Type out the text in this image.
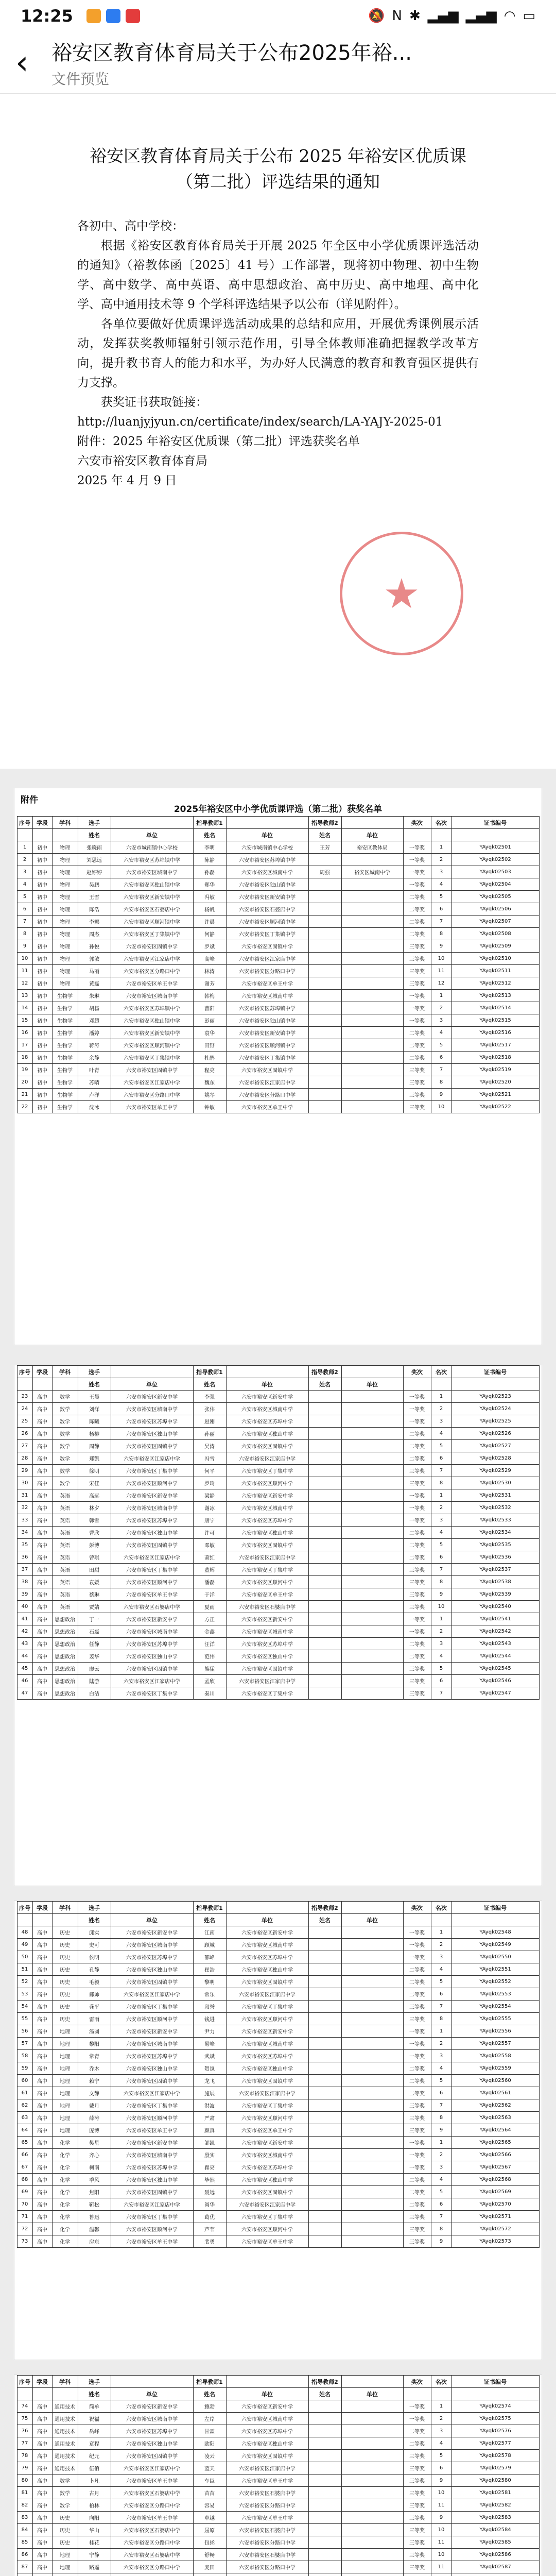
12:25	🔕 N ✱ ▂▄▆ ▂▄▆ ◠ ▭
‹	裕安区教育体育局关于公布2025年裕...
文件预览
裕安区教育体育局关于公布 2025 年裕安区优质课（第二批）评选结果的通知

各初中、高中学校：

根据《裕安区教育体育局关于开展 2025 年全区中小学优质课评选活动的通知》（裕教体函〔2025〕41 号）工作部署，现将初中物理、初中生物学、高中数学、高中英语、高中思想政治、高中历史、高中地理、高中化学、高中通用技术等 9 个学科评选结果予以公布（详见附件）。

各单位要做好优质课评选活动成果的总结和应用，开展优秀课例展示活动，发挥获奖教师辐射引领示范作用，引导全体教师准确把握教学改革方向，提升教书育人的能力和水平，为办好人民满意的教育和教育强区提供有力支撑。

获奖证书获取链接：

http://luanjyjyun.cn/certificate/index/search/LA-YAJY-2025-01

附件：2025 年裕安区优质课（第二批）评选获奖名单

六安市裕安区教育体育局

2025 年 4 月 9 日

★
附件
2025年裕安区中小学优质课评选（第二批）获奖名单
序号	学段	学科	选手		指导教师1		指导教师2		奖次	名次	证书编号
			姓名	单位	姓名	单位	姓名	单位			
1	初中	物理	张晓雨	六安市城南镇中心学校	李明	六安市城南镇中心学校	王芳	裕安区教体局	一等奖	1	YAyqk02501
2	初中	物理	刘思远	六安市裕安区苏埠镇中学	陈静	六安市裕安区苏埠镇中学			一等奖	2	YAyqk02502
3	初中	物理	赵婷婷	六安市裕安区城南中学	孙磊	六安市裕安区城南中学	周强	裕安区城南中学	一等奖	3	YAyqk02503
4	初中	物理	吴鹏	六安市裕安区独山镇中学	郑华	六安市裕安区独山镇中学			一等奖	4	YAyqk02504
5	初中	物理	王雪	六安市裕安区新安镇中学	冯敏	六安市裕安区新安镇中学			二等奖	5	YAyqk02505
6	初中	物理	陈浩	六安市裕安区石婆店中学	杨帆	六安市裕安区石婆店中学			二等奖	6	YAyqk02506
7	初中	物理	李娜	六安市裕安区顺河镇中学	许晨	六安市裕安区顺河镇中学			二等奖	7	YAyqk02507
8	初中	物理	周杰	六安市裕安区丁集镇中学	何静	六安市裕安区丁集镇中学			二等奖	8	YAyqk02508
9	初中	物理	孙悦	六安市裕安区固镇中学	罗斌	六安市裕安区固镇中学			三等奖	9	YAyqk02509
10	初中	物理	郭敏	六安市裕安区江家店中学	高峰	六安市裕安区江家店中学			三等奖	10	YAyqk02510
11	初中	物理	马丽	六安市裕安区分路口中学	林涛	六安市裕安区分路口中学			三等奖	11	YAyqk02511
12	初中	物理	黄磊	六安市裕安区单王中学	谢芳	六安市裕安区单王中学			三等奖	12	YAyqk02512
13	初中	生物学	朱琳	六安市裕安区城南中学	韩梅	六安市裕安区城南中学			一等奖	1	YAyqk02513
14	初中	生物学	胡杨	六安市裕安区苏埠镇中学	曹阳	六安市裕安区苏埠镇中学			一等奖	2	YAyqk02514
15	初中	生物学	邓超	六安市裕安区独山镇中学	彭丽	六安市裕安区独山镇中学			一等奖	3	YAyqk02515
16	初中	生物学	潘婷	六安市裕安区新安镇中学	袁华	六安市裕安区新安镇中学			二等奖	4	YAyqk02516
17	初中	生物学	蒋涛	六安市裕安区顺河镇中学	田野	六安市裕安区顺河镇中学			二等奖	5	YAyqk02517
18	初中	生物学	余静	六安市裕安区丁集镇中学	杜鹃	六安市裕安区丁集镇中学			二等奖	6	YAyqk02518
19	初中	生物学	叶青	六安市裕安区固镇中学	程亮	六安市裕安区固镇中学			三等奖	7	YAyqk02519
20	初中	生物学	苏晴	六安市裕安区江家店中学	魏东	六安市裕安区江家店中学			三等奖	8	YAyqk02520
21	初中	生物学	卢洋	六安市裕安区分路口中学	姚琴	六安市裕安区分路口中学			三等奖	9	YAyqk02521
22	初中	生物学	沈冰	六安市裕安区单王中学	钟敏	六安市裕安区单王中学			三等奖	10	YAyqk02522
序号	学段	学科	选手		指导教师1		指导教师2		奖次	名次	证书编号
			姓名	单位	姓名	单位	姓名	单位			
23	高中	数学	王晨	六安市裕安区新安中学	李强	六安市裕安区新安中学			一等奖	1	YAyqk02523
24	高中	数学	刘洋	六安市裕安区城南中学	张伟	六安市裕安区城南中学			一等奖	2	YAyqk02524
25	高中	数学	陈曦	六安市裕安区苏埠中学	赵刚	六安市裕安区苏埠中学			一等奖	3	YAyqk02525
26	高中	数学	杨柳	六安市裕安区独山中学	孙丽	六安市裕安区独山中学			二等奖	4	YAyqk02526
27	高中	数学	周静	六安市裕安区固镇中学	吴涛	六安市裕安区固镇中学			二等奖	5	YAyqk02527
28	高中	数学	郑凯	六安市裕安区江家店中学	冯雪	六安市裕安区江家店中学			二等奖	6	YAyqk02528
29	高中	数学	徐明	六安市裕安区丁集中学	何平	六安市裕安区丁集中学			三等奖	7	YAyqk02529
30	高中	数学	宋佳	六安市裕安区顺河中学	罗玲	六安市裕安区顺河中学			三等奖	8	YAyqk02530
31	高中	英语	高远	六安市裕安区新安中学	梁静	六安市裕安区新安中学			一等奖	1	YAyqk02531
32	高中	英语	林夕	六安市裕安区城南中学	谢冰	六安市裕安区城南中学			一等奖	2	YAyqk02532
33	高中	英语	韩雪	六安市裕安区苏埠中学	唐宁	六安市裕安区苏埠中学			一等奖	3	YAyqk02533
34	高中	英语	曹欣	六安市裕安区独山中学	许可	六安市裕安区独山中学			二等奖	4	YAyqk02534
35	高中	英语	彭博	六安市裕安区固镇中学	邓敏	六安市裕安区固镇中学			二等奖	5	YAyqk02535
36	高中	英语	曾琪	六安市裕安区江家店中学	萧红	六安市裕安区江家店中学			二等奖	6	YAyqk02536
37	高中	英语	田甜	六安市裕安区丁集中学	董辉	六安市裕安区丁集中学			三等奖	7	YAyqk02537
38	高中	英语	袁媛	六安市裕安区顺河中学	潘磊	六安市裕安区顺河中学			三等奖	8	YAyqk02538
39	高中	英语	蔡琳	六安市裕安区单王中学	于洋	六安市裕安区单王中学			三等奖	9	YAyqk02539
40	高中	英语	贾婧	六安市裕安区石婆店中学	夏雨	六安市裕安区石婆店中学			三等奖	10	YAyqk02540
41	高中	思想政治	丁一	六安市裕安区新安中学	方正	六安市裕安区新安中学			一等奖	1	YAyqk02541
42	高中	思想政治	石磊	六安市裕安区城南中学	金鑫	六安市裕安区城南中学			一等奖	2	YAyqk02542
43	高中	思想政治	任静	六安市裕安区苏埠中学	汪洋	六安市裕安区苏埠中学			二等奖	3	YAyqk02543
44	高中	思想政治	姜华	六安市裕安区独山中学	范伟	六安市裕安区独山中学			二等奖	4	YAyqk02544
45	高中	思想政治	廖云	六安市裕安区固镇中学	熊猛	六安市裕安区固镇中学			三等奖	5	YAyqk02545
46	高中	思想政治	陆游	六安市裕安区江家店中学	孟欣	六安市裕安区江家店中学			三等奖	6	YAyqk02546
47	高中	思想政治	白洁	六安市裕安区丁集中学	秦川	六安市裕安区丁集中学			三等奖	7	YAyqk02547
序号	学段	学科	选手		指导教师1		指导教师2		奖次	名次	证书编号
			姓名	单位	姓名	单位	姓名	单位			
48	高中	历史	邱实	六安市裕安区新安中学	江南	六安市裕安区新安中学			一等奖	1	YAyqk02548
49	高中	历史	史可	六安市裕安区城南中学	顾城	六安市裕安区城南中学			一等奖	2	YAyqk02549
50	高中	历史	侯明	六安市裕安区苏埠中学	邵峰	六安市裕安区苏埠中学			一等奖	3	YAyqk02550
51	高中	历史	孔静	六安市裕安区独山中学	崔浩	六安市裕安区独山中学			二等奖	4	YAyqk02551
52	高中	历史	毛毅	六安市裕安区固镇中学	黎明	六安市裕安区固镇中学			二等奖	5	YAyqk02552
53	高中	历史	郝帅	六安市裕安区江家店中学	常乐	六安市裕安区江家店中学			二等奖	6	YAyqk02553
54	高中	历史	龚平	六安市裕安区丁集中学	段誉	六安市裕安区丁集中学			三等奖	7	YAyqk02554
55	高中	历史	雷雨	六安市裕安区顺河中学	钱进	六安市裕安区顺河中学			三等奖	8	YAyqk02555
56	高中	地理	汤圆	六安市裕安区新安中学	尹力	六安市裕安区新安中学			一等奖	1	YAyqk02556
57	高中	地理	黎阳	六安市裕安区城南中学	易峰	六安市裕安区城南中学			一等奖	2	YAyqk02557
58	高中	地理	常青	六安市裕安区苏埠中学	武斌	六安市裕安区苏埠中学			一等奖	3	YAyqk02558
59	高中	地理	乔木	六安市裕安区独山中学	贺岚	六安市裕安区独山中学			二等奖	4	YAyqk02559
60	高中	地理	赖宁	六安市裕安区固镇中学	龙飞	六安市裕安区固镇中学			二等奖	5	YAyqk02560
61	高中	地理	文静	六安市裕安区江家店中学	施展	六安市裕安区江家店中学			二等奖	6	YAyqk02561
62	高中	地理	戴月	六安市裕安区丁集中学	洪波	六安市裕安区丁集中学			三等奖	7	YAyqk02562
63	高中	地理	薛涛	六安市裕安区顺河中学	严肃	六安市裕安区顺河中学			三等奖	8	YAyqk02563
64	高中	地理	庞博	六安市裕安区单王中学	颜真	六安市裕安区单王中学			三等奖	9	YAyqk02564
65	高中	化学	樊星	六安市裕安区新安中学	邹凯	六安市裕安区新安中学			一等奖	1	YAyqk02565
66	高中	化学	齐心	六安市裕安区城南中学	殷实	六安市裕安区城南中学			一等奖	2	YAyqk02566
67	高中	化学	柯南	六安市裕安区苏埠中学	翟亮	六安市裕安区苏埠中学			一等奖	3	YAyqk02567
68	高中	化学	季风	六安市裕安区独山中学	毕然	六安市裕安区独山中学			二等奖	4	YAyqk02568
69	高中	化学	焦阳	六安市裕安区固镇中学	聂远	六安市裕安区固镇中学			二等奖	5	YAyqk02569
70	高中	化学	靳松	六安市裕安区江家店中学	阎华	六安市裕安区江家店中学			二等奖	6	YAyqk02570
71	高中	化学	鲁迅	六安市裕安区丁集中学	葛优	六安市裕安区丁集中学			三等奖	7	YAyqk02571
72	高中	化学	温馨	六安市裕安区顺河中学	芦苇	六安市裕安区顺河中学			三等奖	8	YAyqk02572
73	高中	化学	房东	六安市裕安区单王中学	裴勇	六安市裕安区单王中学			三等奖	9	YAyqk02573
序号	学段	学科	选手		指导教师1		指导教师2		奖次	名次	证书编号
			姓名	单位	姓名	单位	姓名	单位			
74	高中	通用技术	简单	六安市裕安区新安中学	鲍勃	六安市裕安区新安中学			一等奖	1	YAyqk02574
75	高中	通用技术	祝福	六安市裕安区城南中学	左岸	六安市裕安区城南中学			一等奖	2	YAyqk02575
76	高中	通用技术	岳峰	六安市裕安区苏埠中学	甘霖	六安市裕安区苏埠中学			二等奖	3	YAyqk02576
77	高中	通用技术	章程	六安市裕安区独山中学	欧阳	六安市裕安区独山中学			二等奖	4	YAyqk02577
78	高中	通用技术	纪元	六安市裕安区固镇中学	凌云	六安市裕安区固镇中学			三等奖	5	YAyqk02578
79	高中	通用技术	伍佰	六安市裕安区江家店中学	蓝天	六安市裕安区江家店中学			三等奖	6	YAyqk02579
80	高中	数学	卜凡	六安市裕安区单王中学	车臣	六安市裕安区单王中学			三等奖	9	YAyqk02580
81	高中	数学	古月	六安市裕安区石婆店中学	苗苗	六安市裕安区石婆店中学			三等奖	10	YAyqk02581
82	高中	数学	柏林	六安市裕安区分路口中学	容易	六安市裕安区分路口中学			三等奖	11	YAyqk02582
83	高中	历史	向阳	六安市裕安区单王中学	卓越	六安市裕安区单王中学			三等奖	9	YAyqk02583
84	高中	历史	华山	六安市裕安区石婆店中学	屈原	六安市裕安区石婆店中学			三等奖	10	YAyqk02584
85	高中	历史	桂花	六安市裕安区分路口中学	包拯	六安市裕安区分路口中学			三等奖	11	YAyqk02585
86	高中	地理	宁静	六安市裕安区石婆店中学	舒畅	六安市裕安区石婆店中学			三等奖	10	YAyqk02586
87	高中	地理	路遥	六安市裕安区分路口中学	麦田	六安市裕安区分路口中学			三等奖	11	YAyqk02587
